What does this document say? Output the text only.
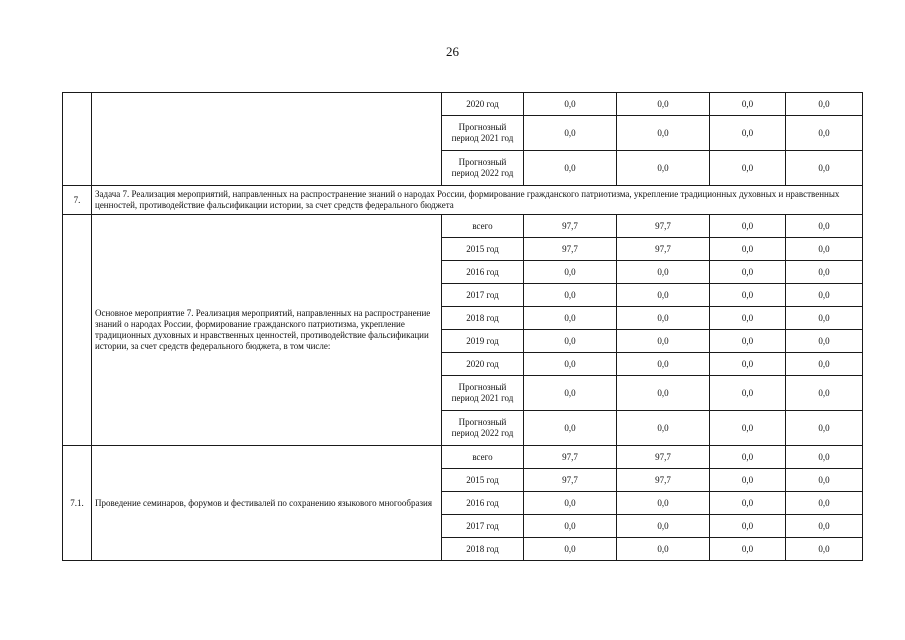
26
		2020 год	0,0	0,0	0,0	0,0
		Прогнозный период 2021 год	0,0	0,0	0,0	0,0
		Прогнозный период 2022 год	0,0	0,0	0,0	0,0
7.	Задача 7. Реализация мероприятий, направленных на распространение знаний о народах России, формирование гражданского патриотизма, укрепление традиционных духовных и нравственных ценностей, противодействие фальсификации истории, за счет средств федерального бюджета					
	Основное мероприятие 7. Реализация мероприятий, направленных на распространение знаний о народах России, формирование гражданского патриотизма, укрепление традиционных духовных и нравственных ценностей, противодействие фальсификации истории, за счет средств федерального бюджета, в том числе:	всего	97,7	97,7	0,0	0,0
		2015 год	97,7	97,7	0,0	0,0
		2016 год	0,0	0,0	0,0	0,0
		2017 год	0,0	0,0	0,0	0,0
		2018 год	0,0	0,0	0,0	0,0
		2019 год	0,0	0,0	0,0	0,0
		2020 год	0,0	0,0	0,0	0,0
		Прогнозный период 2021 год	0,0	0,0	0,0	0,0
		Прогнозный период 2022 год	0,0	0,0	0,0	0,0
7.1.	Проведение семинаров, форумов и фестивалей по сохранению языкового многообразия	всего	97,7	97,7	0,0	0,0
		2015 год	97,7	97,7	0,0	0,0
		2016 год	0,0	0,0	0,0	0,0
		2017 год	0,0	0,0	0,0	0,0
		2018 год	0,0	0,0	0,0	0,0
